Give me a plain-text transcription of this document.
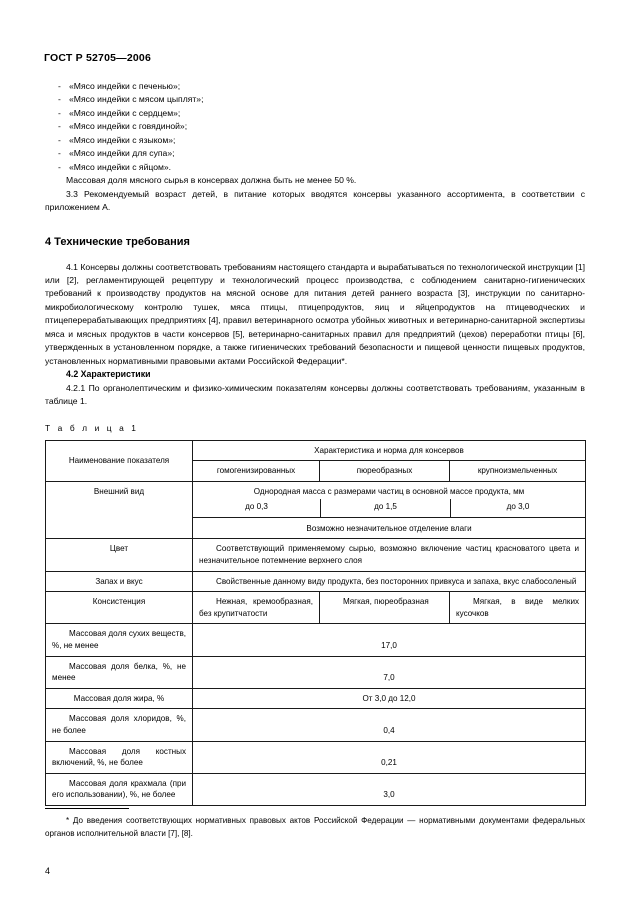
ГОСТ Р 52705—2006
- «Мясо индейки с печенью»;
- «Мясо индейки с мясом цыплят»;
- «Мясо индейки с сердцем»;
- «Мясо индейки с говядиной»;
- «Мясо индейки с языком»;
- «Мясо индейки для супа»;
- «Мясо индейки с яйцом».

Массовая доля мясного сырья в консервах должна быть не менее 50 %.

3.3 Рекомендуемый возраст детей, в питание которых вводятся консервы указанного ассортимента, в соответствии с приложением А.

4 Технические требования

4.1 Консервы должны соответствовать требованиям настоящего стандарта и вырабатываться по технологической инструкции [1] или [2], регламентирующей рецептуру и технологический процесс производства, с соблюдением санитарно-гигиенических требований к производству продуктов на мясной основе для питания детей раннего возраста [3], инструкции по санитарно-микробиологическому контролю тушек, мяса птицы, птицепродуктов, яиц и яйцепродуктов на птицеводческих и птицеперерабатывающих предприятиях [4], правил ветеринарного осмотра убойных животных и ветеринарно-санитарной экспертизы мяса и мясных продуктов в части консервов [5], ветеринарно-санитарных правил для предприятий (цехов) переработки птицы [6], утвержденных в установленном порядке, а также гигиенических требований безопасности и пищевой ценности пищевых продуктов, установленных нормативными правовыми актами Российской Федерации*.

4.2 Характеристики

4.2.1 По органолептическим и физико-химическим показателям консервы должны соответствовать требованиям, указанным в таблице 1.

Т а б л и ц а 1

Наименование показателя	Характеристика и норма для консервов		

	гомогенизированных	пюреобразных	крупноизмельченных

Внешний вид	Однородная масса с размерами частиц в основной массе продукта, мм
до 0,3 до 1,5 до 3,0
Возможно незначительное отделение влаги		

Цвет	Соответствующий применяемому сырью, возможно включение частиц красноватого цвета и незначительное потемнение верхнего слоя		

Запах и вкус	Свойственные данному виду продукта, без посторонних привкуса и запаха, вкус слабосоленый		

Консистенция	Нежная, кремообразная, без крупитчатости	Мягкая, пюреобразная	Мягкая, в виде мелких кусочков

Массовая доля сухих веществ, %, не менее	17,0		

Массовая доля белка, %, не менее	7,0		

Массовая доля жира, %	От 3,0 до 12,0		

Массовая доля хлоридов, %, не более	0,4		

Массовая доля костных включений, %, не более	0,21		

Массовая доля крахмала (при его использовании), %, не более	3,0		

* До введения соответствующих нормативных правовых актов Российской Федерации — нормативными документами федеральных органов исполнительной власти [7], [8].

4
